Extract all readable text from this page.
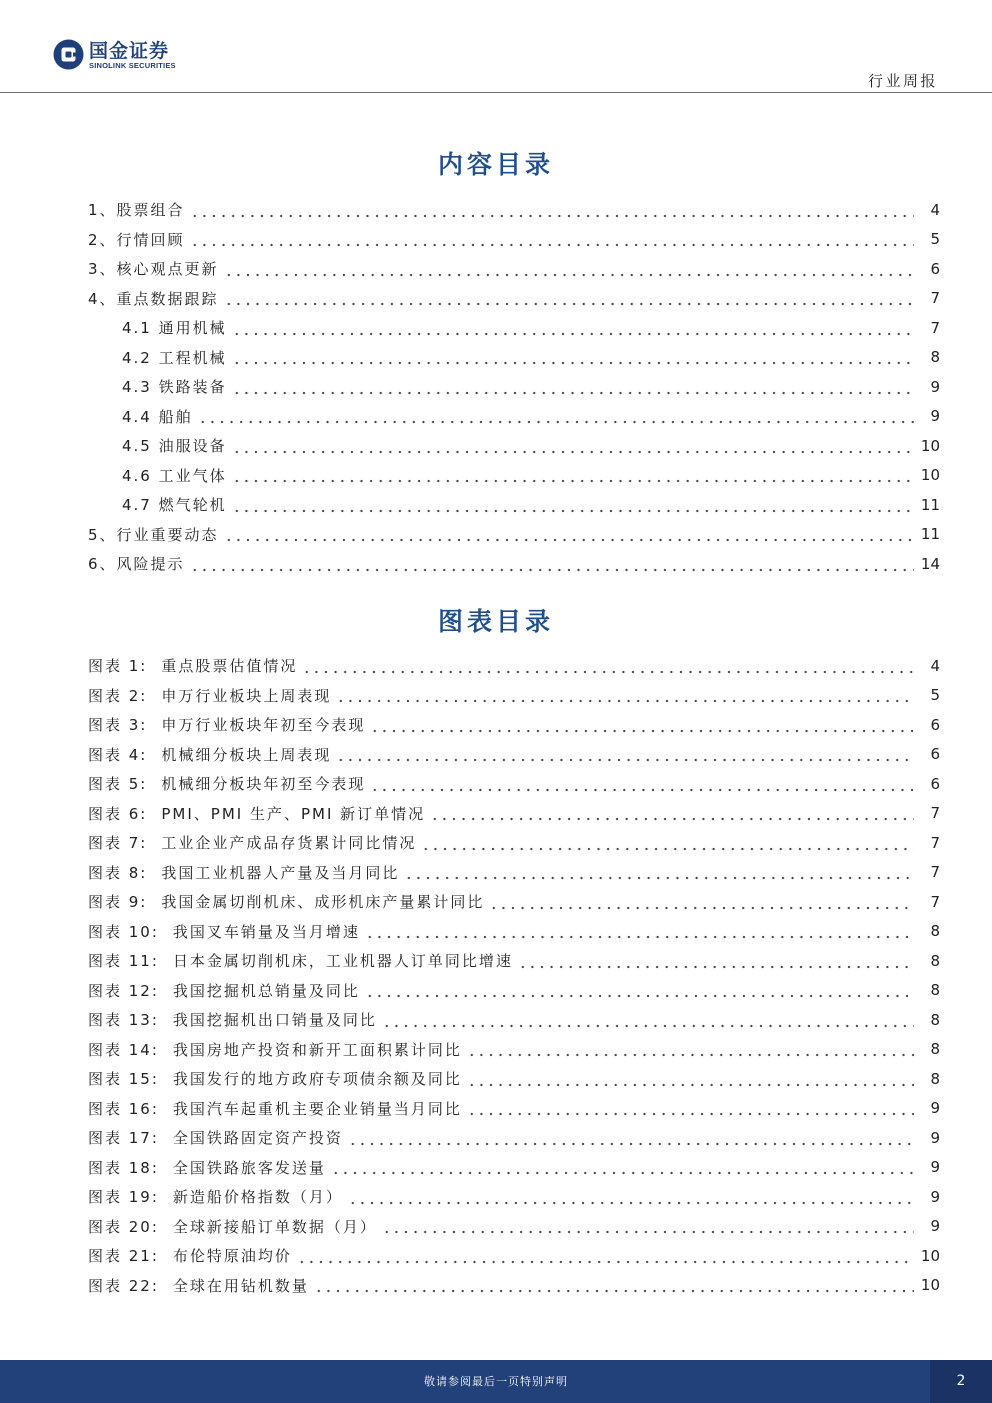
国金证券
SINOLINK SECURITIES
行业周报
内容目录
1、股票组合	4
2、行情回顾	5
3、核心观点更新	6
4、重点数据跟踪	7
4.1 通用机械	7
4.2 工程机械	8
4.3 铁路装备	9
4.4 船舶	9
4.5 油服设备	10
4.6 工业气体	10
4.7 燃气轮机	11
5、行业重要动态	11
6、风险提示	14
图表目录
图表 1: 重点股票估值情况	4
图表 2: 申万行业板块上周表现	5
图表 3: 申万行业板块年初至今表现	6
图表 4: 机械细分板块上周表现	6
图表 5: 机械细分板块年初至今表现	6
图表 6: PMI、PMI 生产、PMI 新订单情况	7
图表 7: 工业企业产成品存货累计同比情况	7
图表 8: 我国工业机器人产量及当月同比	7
图表 9: 我国金属切削机床、成形机床产量累计同比	7
图表 10: 我国叉车销量及当月增速	8
图表 11: 日本金属切削机床，工业机器人订单同比增速	8
图表 12: 我国挖掘机总销量及同比	8
图表 13: 我国挖掘机出口销量及同比	8
图表 14: 我国房地产投资和新开工面积累计同比	8
图表 15: 我国发行的地方政府专项债余额及同比	8
图表 16: 我国汽车起重机主要企业销量当月同比	9
图表 17: 全国铁路固定资产投资	9
图表 18: 全国铁路旅客发送量	9
图表 19: 新造船价格指数（月）	9
图表 20: 全球新接船订单数据（月）	9
图表 21: 布伦特原油均价	10
图表 22: 全球在用钻机数量	10
敬请参阅最后一页特别声明	2
